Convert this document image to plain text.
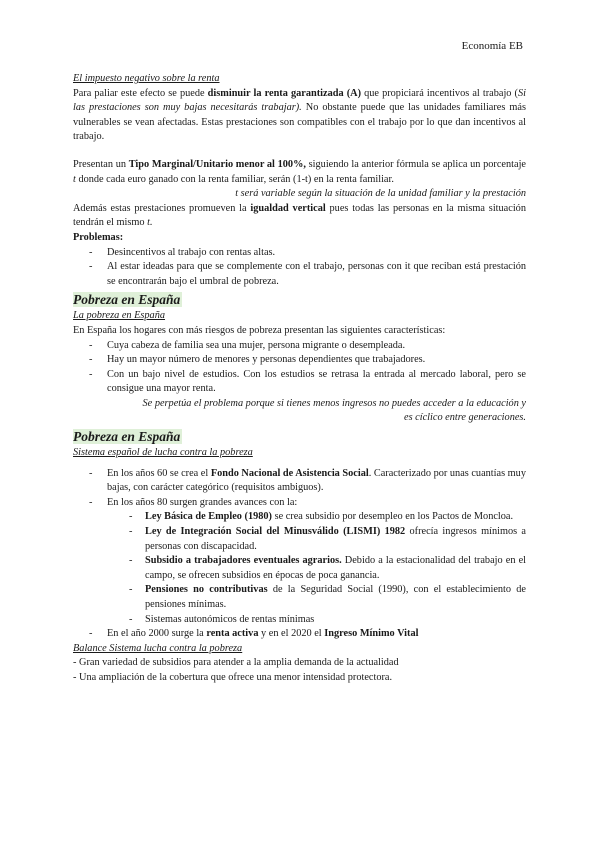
Economía EB

El impuesto negativo sobre la renta

Para paliar este efecto se puede disminuir la renta garantizada (A) que propiciará incentivos al trabajo (Si las prestaciones son muy bajas necesitarás trabajar). No obstante puede que las unidades familiares más vulnerables se vean afectadas. Estas prestaciones son compatibles con el trabajo por lo que dan incentivos al trabajo.

Presentan un Tipo Marginal/Unitario menor al 100%, siguiendo la anterior fórmula se aplica un porcentaje t donde cada euro ganado con la renta familiar, serán (1-t) en la renta familiar.

t será variable según la situación de la unidad familiar y la prestación

Además estas prestaciones promueven la igualdad vertical pues todas las personas en la misma situación tendrán el mismo t.

Problemas:

- Desincentivos al trabajo con rentas altas.
- Al estar ideadas para que se complemente con el trabajo, personas con it que reciban está prestación se encontrarán bajo el umbral de pobreza.
Pobreza en España

La pobreza en España

En España los hogares con más riesgos de pobreza presentan las siguientes características:

- Cuya cabeza de familia sea una mujer, persona migrante o desempleada.
- Hay un mayor número de menores y personas dependientes que trabajadores.
- Con un bajo nivel de estudios. Con los estudios se retrasa la entrada al mercado laboral, pero se consigue una mayor renta.

Se perpetúa el problema porque si tienes menos ingresos no puedes acceder a la educación y es cíclico entre generaciones.

Pobreza en España

Sistema español de lucha contra la pobreza

- En los años 60 se crea el Fondo Nacional de Asistencia Social. Caracterizado por unas cuantías muy bajas, con carácter categórico (requisitos ambiguos).
- En los años 80 surgen grandes avances con la:
- Ley Básica de Empleo (1980) se crea subsidio por desempleo en los Pactos de Moncloa.
- Ley de Integración Social del Minusválido (LISMI) 1982 ofrecía ingresos mínimos a personas con discapacidad.
- Subsidio a trabajadores eventuales agrarios. Debido a la estacionalidad del trabajo en el campo, se ofrecen subsidios en épocas de poca ganancia.
- Pensiones no contributivas de la Seguridad Social (1990), con el establecimiento de pensiones mínimas.
- Sistemas autonómicos de rentas mínimas
- En el año 2000 surge la renta activa y en el 2020 el Ingreso Mínimo Vital

Balance Sistema lucha contra la pobreza

- Gran variedad de subsidios para atender a la amplia demanda de la actualidad

- Una ampliación de la cobertura que ofrece una menor intensidad protectora.
